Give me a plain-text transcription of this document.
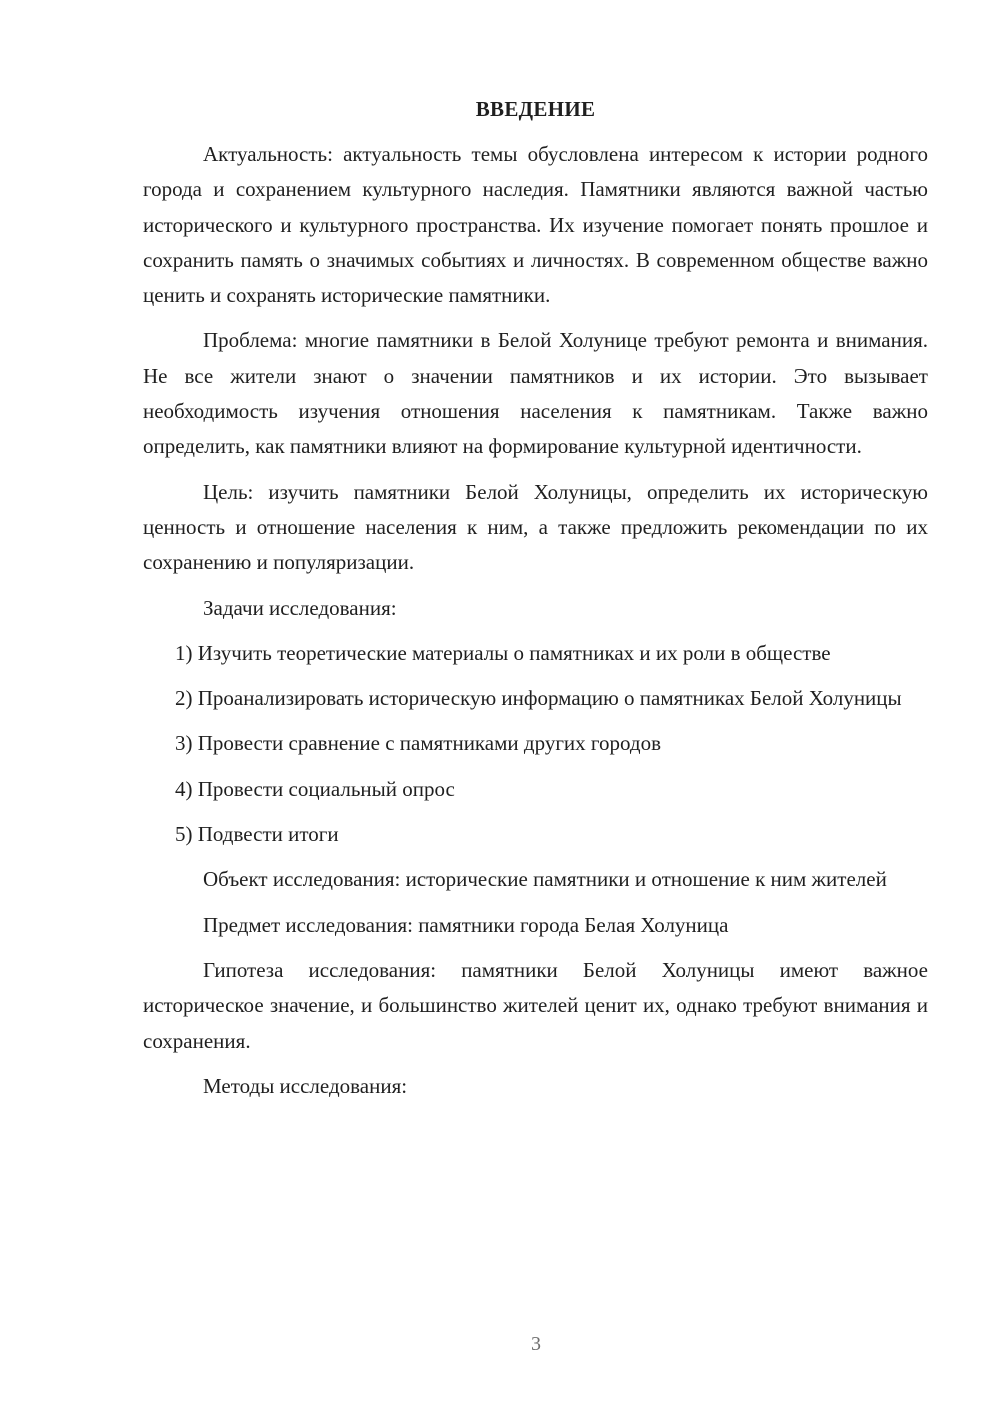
ВВЕДЕНИЕ

Актуальность: актуальность темы обусловлена интересом к истории родного города и сохранением культурного наследия. Памятники являются важной частью исторического и культурного пространства. Их изучение помогает понять прошлое и сохранить память о значимых событиях и личностях. В современном обществе важно ценить и сохранять исторические памятники.

Проблема: многие памятники в Белой Холунице требуют ремонта и внимания. Не все жители знают о значении памятников и их истории. Это вызывает необходимость изучения отношения населения к памятникам. Также важно определить, как памятники влияют на формирование культурной идентичности.

Цель: изучить памятники Белой Холуницы, определить их историческую ценность и отношение населения к ним, а также предложить рекомендации по их сохранению и популяризации.

Задачи исследования:

1) Изучить теоретические материалы о памятниках и их роли в обществе

2) Проанализировать историческую информацию о памятниках Белой Холуницы

3) Провести сравнение с памятниками других городов

4) Провести социальный опрос

5) Подвести итоги

Объект исследования: исторические памятники и отношение к ним жителей

Предмет исследования: памятники города Белая Холуница

Гипотеза исследования: памятники Белой Холуницы имеют важное историческое значение, и большинство жителей ценит их, однако требуют внимания и сохранения.

Методы исследования:

3
